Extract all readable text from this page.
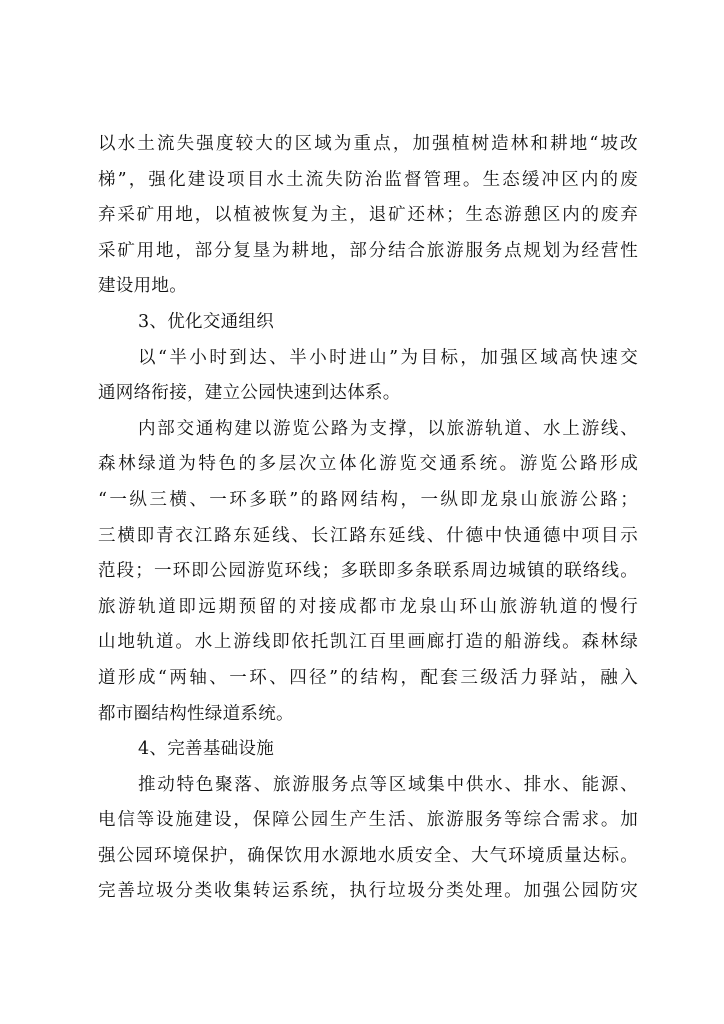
以水土流失强度较大的区域为重点，加强植树造林和耕地“坡改
梯”，强化建设项目水土流失防治监督管理。生态缓冲区内的废
弃采矿用地，以植被恢复为主，退矿还林；生态游憩区内的废弃
采矿用地，部分复垦为耕地，部分结合旅游服务点规划为经营性
建设用地。
3、优化交通组织
以“半小时到达、半小时进山”为目标，加强区域高快速交
通网络衔接，建立公园快速到达体系。
内部交通构建以游览公路为支撑，以旅游轨道、水上游线、
森林绿道为特色的多层次立体化游览交通系统。游览公路形成
“一纵三横、一环多联”的路网结构，一纵即龙泉山旅游公路；
三横即青衣江路东延线、长江路东延线、什德中快通德中项目示
范段；一环即公园游览环线；多联即多条联系周边城镇的联络线。
旅游轨道即远期预留的对接成都市龙泉山环山旅游轨道的慢行
山地轨道。水上游线即依托凯江百里画廊打造的船游线。森林绿
道形成“两轴、一环、四径”的结构，配套三级活力驿站，融入
都市圈结构性绿道系统。
4、完善基础设施
推动特色聚落、旅游服务点等区域集中供水、排水、能源、
电信等设施建设，保障公园生产生活、旅游服务等综合需求。加
强公园环境保护，确保饮用水源地水质安全、大气环境质量达标。
完善垃圾分类收集转运系统，执行垃圾分类处理。加强公园防灾
